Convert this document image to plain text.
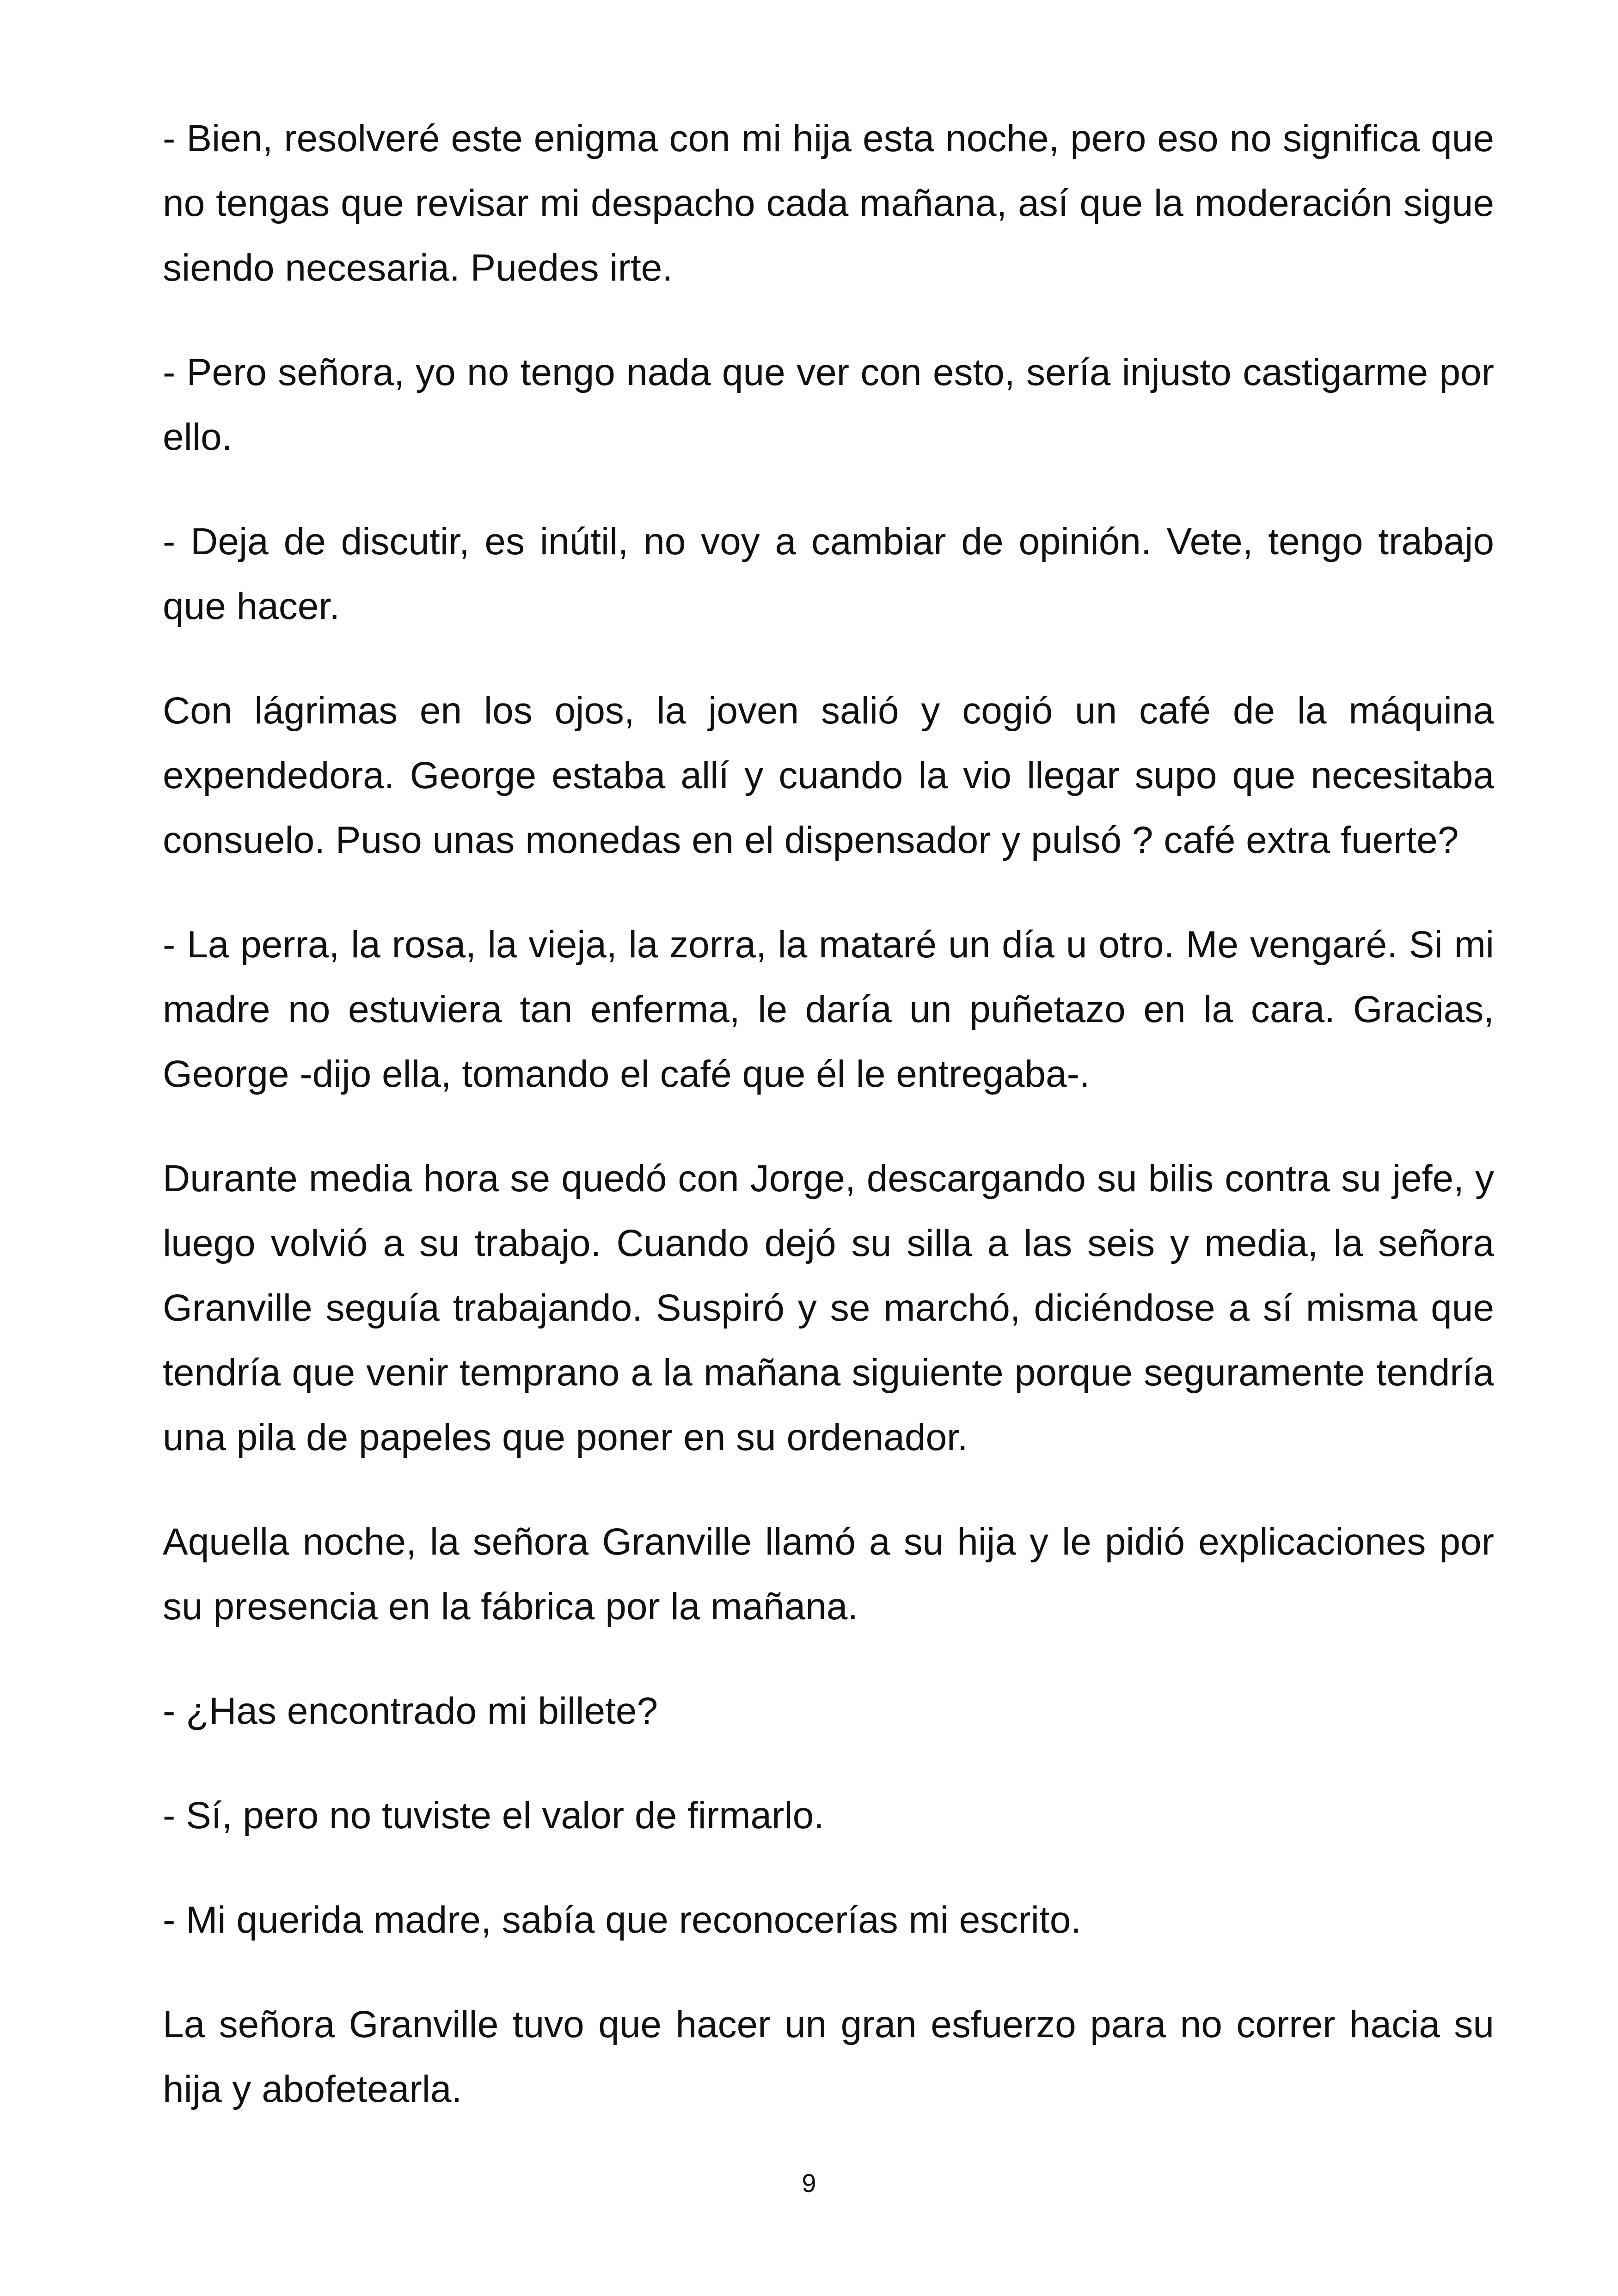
- Bien, resolveré este enigma con mi hija esta noche, pero eso no significa que no tengas que revisar mi despacho cada mañana, así que la moderación sigue siendo necesaria. Puedes irte.

- Pero señora, yo no tengo nada que ver con esto, sería injusto castigarme por ello.

- Deja de discutir, es inútil, no voy a cambiar de opinión. Vete, tengo trabajo que hacer.

Con lágrimas en los ojos, la joven salió y cogió un café de la máquina expendedora. George estaba allí y cuando la vio llegar supo que necesitaba consuelo. Puso unas monedas en el dispensador y pulsó ? café extra fuerte?

- La perra, la rosa, la vieja, la zorra, la mataré un día u otro. Me vengaré. Si mi madre no estuviera tan enferma, le daría un puñetazo en la cara. Gracias, George -dijo ella, tomando el café que él le entregaba-.

Durante media hora se quedó con Jorge, descargando su bilis contra su jefe, y luego volvió a su trabajo. Cuando dejó su silla a las seis y media, la señora Granville seguía trabajando. Suspiró y se marchó, diciéndose a sí misma que tendría que venir temprano a la mañana siguiente porque seguramente tendría una pila de papeles que poner en su ordenador.

Aquella noche, la señora Granville llamó a su hija y le pidió explicaciones por su presencia en la fábrica por la mañana.

- ¿Has encontrado mi billete?

- Sí, pero no tuviste el valor de firmarlo.

- Mi querida madre, sabía que reconocerías mi escrito.

La señora Granville tuvo que hacer un gran esfuerzo para no correr hacia su hija y abofetearla.

9
